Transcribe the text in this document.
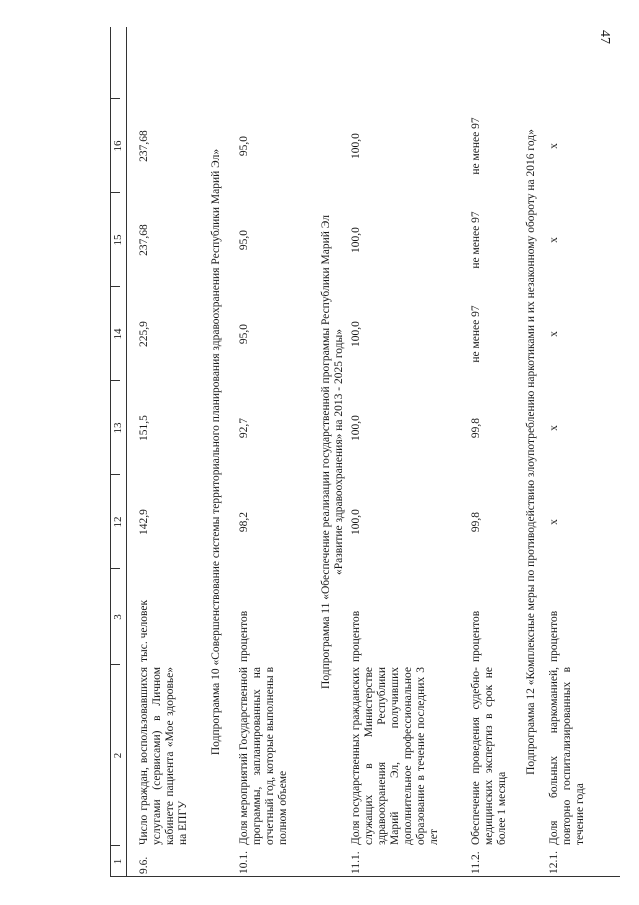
47
1
2
3
12
13
14
15
16
9.6.
Число граждан, воспользовавшихся услугами (сервисами) в Личном кабинете пациента «Мое здоровье» на ЕПГУ
тыс. человек
142,9
151,5
225,9
237,68
237,68
Подпрограмма 10 «Совершенствование системы территориального планирования здравоохранения Республики Марий Эл»
10.1.
Доля мероприятий Государственной программы, запланированных на отчетный год, которые выполнены в полном объеме
процентов
98,2
92,7
95,0
95,0
95,0
Подпрограмма 11 «Обеспечение реализации государственной программы Республики Марий Эл «Развитие здравоохранения» на 2013 - 2025 годы»
11.1.
Доля государственных гражданских служащих в Министерстве здравоохранения Республики Марий Эл, получивших дополнительное профессиональное образование в течение последних 3 лет
процентов
100,0
100,0
100,0
100,0
100,0
11.2.
Обеспечение проведения судебно-медицинских экспертиз в срок не более 1 месяца
процентов
99,8
99,8
не менее 97
не менее 97
не менее 97	Подпрограмма 12 «Комплексные меры по противодействию злоупотреблению наркотиками и их незаконному обороту на 2016 год»
12.1.
Доля больных наркоманией, повторно госпитализированных в течение года
процентов
x
x
x
x
x
